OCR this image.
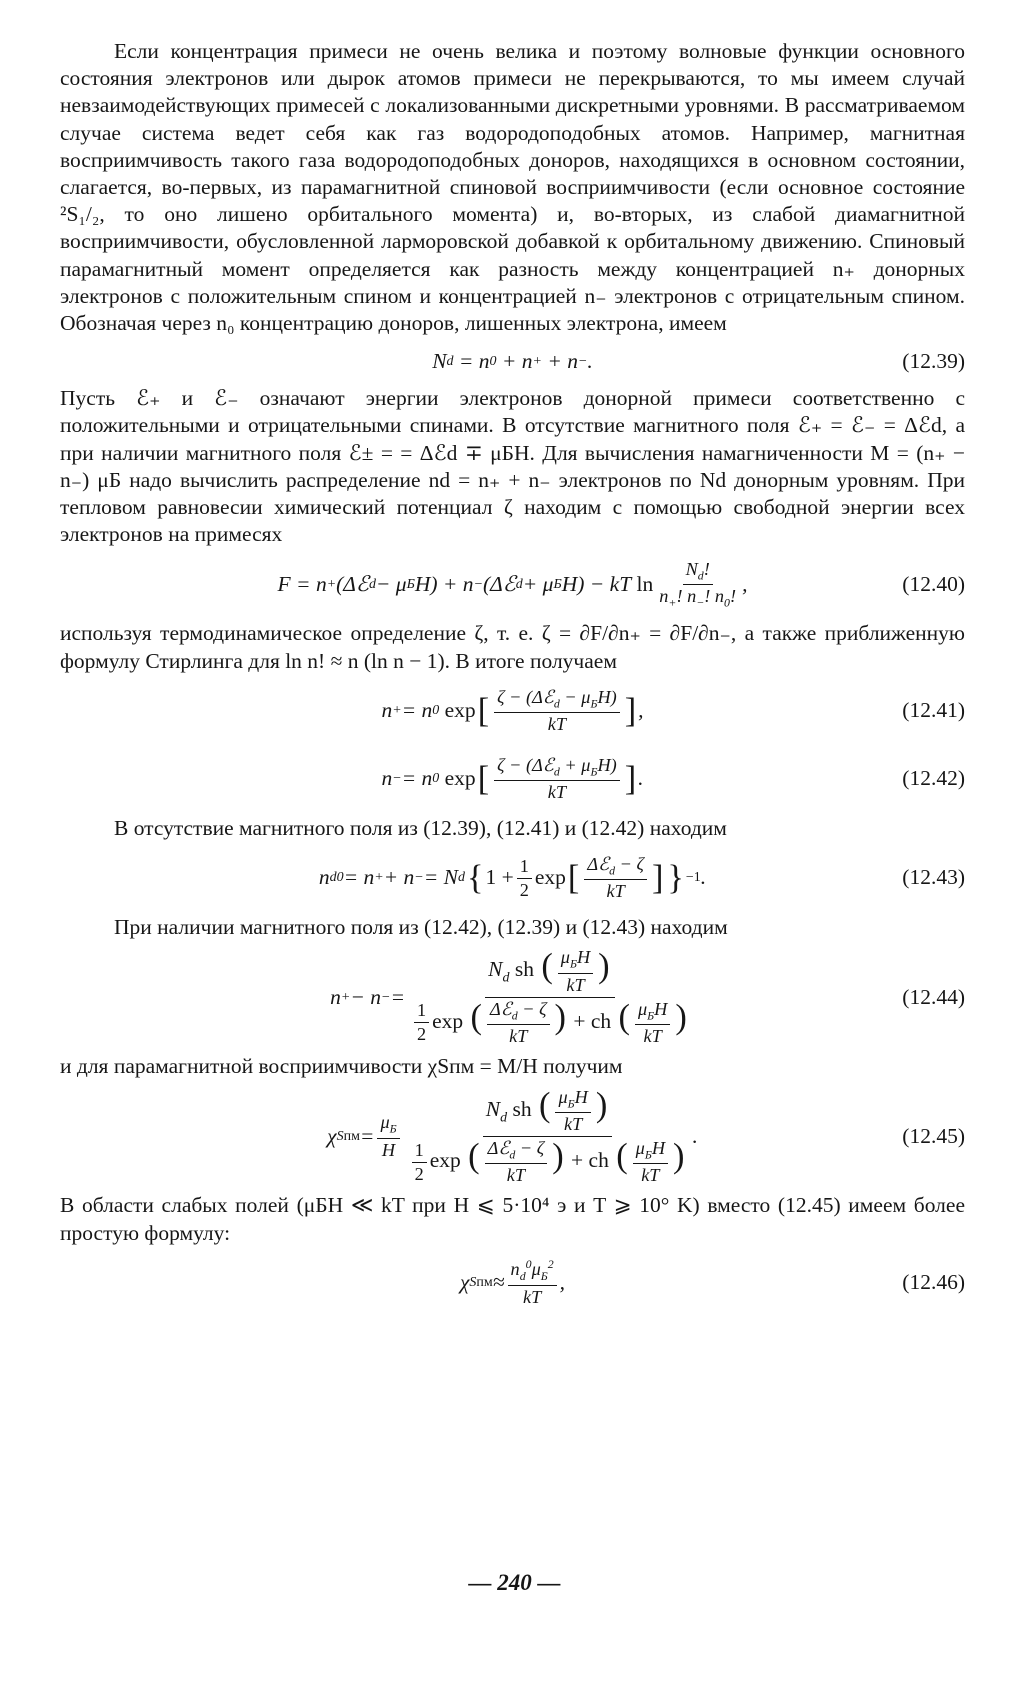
Если концентрация примеси не очень велика и поэтому волновые функции основного состояния электронов или дырок атомов примеси не перекрываются, то мы имеем случай невзаимодействующих примесей с локализованными дискретными уровнями. В рассматриваемом случае система ведет себя как газ водородоподобных атомов. Например, магнитная восприимчивость такого газа водородоподобных доноров, находящихся в основном состоянии, слагается, во-первых, из парамагнитной спиновой восприимчивости (если основное состояние ²S₁/₂, то оно лишено орбитального момента) и, во-вторых, из слабой диамагнитной восприимчивости, обусловленной ларморовской добавкой к орбитальному движению. Спиновый парамагнитный момент определяется как разность между концентрацией n₊ донорных электронов с положительным спином и концентрацией n₋ электронов с отрицательным спином. Обозначая через n₀ концентрацию доноров, лишенных электрона, имеем

N d = n 0 + n + + n − .	(12.39)

Пусть ℰ₊ и ℰ₋ означают энергии электронов донорной примеси соответственно с положительными и отрицательными спинами. В отсутствие магнитного поля ℰ₊ = ℰ₋ = Δℰd, а при наличии магнитного поля ℰ± = = Δℰd ∓ μБH. Для вычисления намагниченности M = (n₊ − n₋) μБ надо вычислить распределение nd = n₊ + n₋ электронов по Nd донорным уровням. При тепловом равновесии химический потенциал ζ находим с помощью свободной энергии всех электронов на примесях

F = n + (Δℰ d − μ Б H) + n − (Δℰ d + μ Б H) − kT $\ln \frac{N_d!}{n_+! n_-! n_0!}$ ,	(12.40)

используя термодинамическое определение ζ, т. е. ζ = ∂F/∂n₊ = ∂F/∂n₋, а также приближенную формулу Стирлинга для ln n! ≈ n (ln n − 1). В итоге получаем

n + = n 0 exp [ $\frac{\zeta - (\Delta ℰ_d - \mu_БH)}{kT}$ ] ,	(12.41)
n − = n 0 exp [ $\frac{\zeta - (\Delta ℰ_d + \mu_БH)}{kT}$ ] .	(12.42)

В отсутствие магнитного поля из (12.39), (12.41) и (12.42) находим

n d 0 = n + + n − = N d { $1 + \frac{1}{2}$ exp [ $\frac{\Delta ℰ_d - \zeta}{kT}$ ] } −1 .	(12.43)

При наличии магнитного поля из (12.42), (12.39) и (12.43) находим

n + − n − = $\frac{N_d sh ( \frac{\mu_БH}{kT} )}{\frac{1}{2} \exp ( \frac{\Delta ℰ_d - \zeta}{kT} ) + ch ( \frac{\mu_БH}{kT} )}$	(12.44)

и для парамагнитной восприимчивости χSпм = M/H получим

χ S пм = $\frac{\mu_Б}{H} \frac{N_d sh ( \frac{\mu_БH}{kT} )}{\frac{1}{2} \exp ( \frac{\Delta ℰ_d - \zeta}{kT} ) + ch ( \frac{\mu_БH}{kT} )}$ .	(12.45)

В области слабых полей (μБH ≪ kT при H ⩽ 5·10⁴ э и T ⩾ 10° K) вместо (12.45) имеем более простую формулу:

χ S пм ≈ $\frac{n_d^0\mu_Б^2}{kT}$ ,	(12.46)
— 240 —
